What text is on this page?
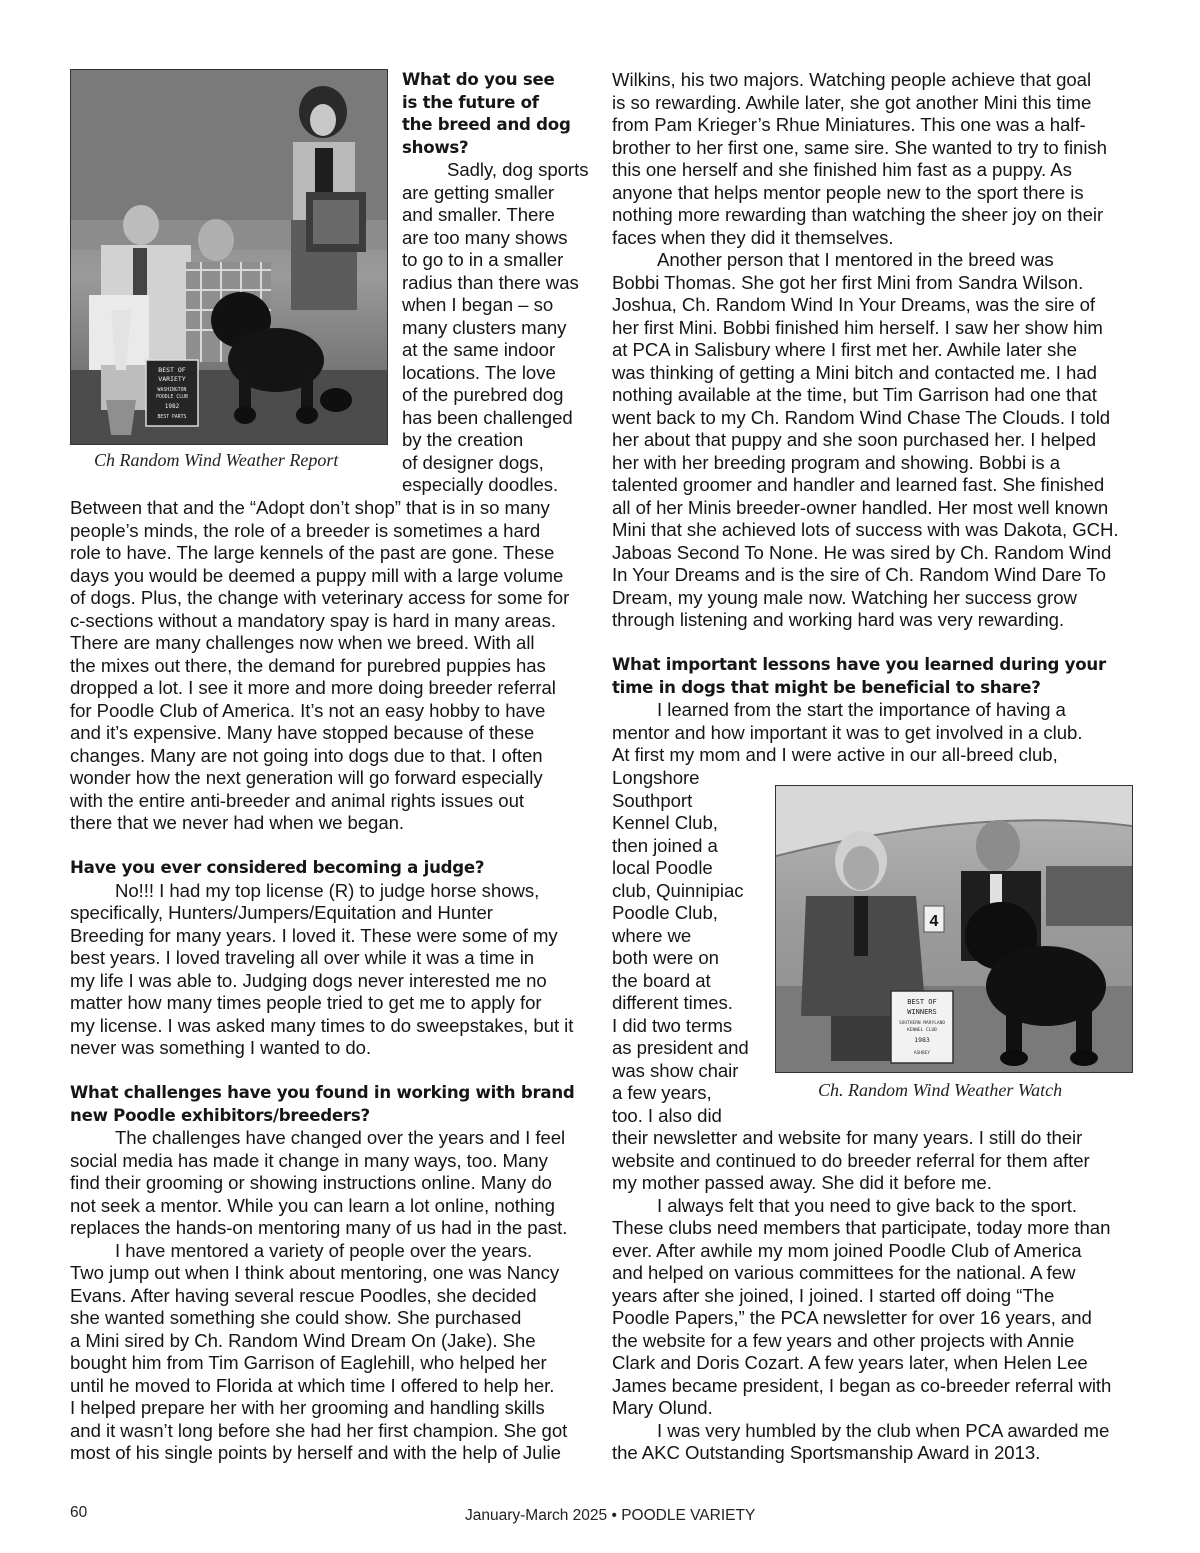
BEST OF
VARIETY
WASHINGTON
POODLE CLUB
1982
BEST PARTS
Ch Random Wind Weather Report
4
BEST OF
WINNERS
SOUTHERN MARYLAND
KENNEL CLUB
1983
ASHBEY
Ch. Random Wind Weather Watch
What do you see
is the future of
the breed and dog
shows?
Sadly, dog sports
are getting smaller
and smaller. There
are too many shows
to go to in a smaller
radius than there was
when I began – so
many clusters many
at the same indoor
locations. The love
of the purebred dog
has been challenged
by the creation
of designer dogs,
especially doodles.
Between that and the “Adopt don’t shop” that is in so many
people’s minds, the role of a breeder is sometimes a hard
role to have. The large kennels of the past are gone. These
days you would be deemed a puppy mill with a large volume
of dogs. Plus, the change with veterinary access for some for
c-sections without a mandatory spay is hard in many areas.
There are many challenges now when we breed. With all
the mixes out there, the demand for purebred puppies has
dropped a lot. I see it more and more doing breeder referral
for Poodle Club of America. It’s not an easy hobby to have
and it’s expensive. Many have stopped because of these
changes. Many are not going into dogs due to that. I often
wonder how the next generation will go forward especially
with the entire anti-breeder and animal rights issues out
there that we never had when we began.
Have you ever considered becoming a judge?
No!!! I had my top license (R) to judge horse shows,
specifically, Hunters/Jumpers/Equitation and Hunter
Breeding for many years. I loved it. These were some of my
best years. I loved traveling all over while it was a time in
my life I was able to. Judging dogs never interested me no
matter how many times people tried to get me to apply for
my license. I was asked many times to do sweepstakes, but it
never was something I wanted to do.
What challenges have you found in working with brand
new Poodle exhibitors/breeders?
The challenges have changed over the years and I feel
social media has made it change in many ways, too. Many
find their grooming or showing instructions online. Many do
not seek a mentor. While you can learn a lot online, nothing
replaces the hands-on mentoring many of us had in the past.
I have mentored a variety of people over the years.
Two jump out when I think about mentoring, one was Nancy
Evans. After having several rescue Poodles, she decided
she wanted something she could show. She purchased
a Mini sired by Ch. Random Wind Dream On (Jake). She
bought him from Tim Garrison of Eaglehill, who helped her
until he moved to Florida at which time I offered to help her.
I helped prepare her with her grooming and handling skills
and it wasn’t long before she had her first champion. She got
most of his single points by herself and with the help of Julie
Wilkins, his two majors. Watching people achieve that goal
is so rewarding. Awhile later, she got another Mini this time
from Pam Krieger’s Rhue Miniatures. This one was a half-
brother to her first one, same sire. She wanted to try to finish
this one herself and she finished him fast as a puppy. As
anyone that helps mentor people new to the sport there is
nothing more rewarding than watching the sheer joy on their
faces when they did it themselves.
Another person that I mentored in the breed was
Bobbi Thomas. She got her first Mini from Sandra Wilson.
Joshua, Ch. Random Wind In Your Dreams, was the sire of
her first Mini. Bobbi finished him herself. I saw her show him
at PCA in Salisbury where I first met her. Awhile later she
was thinking of getting a Mini bitch and contacted me. I had
nothing available at the time, but Tim Garrison had one that
went back to my Ch. Random Wind Chase The Clouds. I told
her about that puppy and she soon purchased her. I helped
her with her breeding program and showing. Bobbi is a
talented groomer and handler and learned fast. She finished
all of her Minis breeder-owner handled. Her most well known
Mini that she achieved lots of success with was Dakota, GCH.
Jaboas Second To None. He was sired by Ch. Random Wind
In Your Dreams and is the sire of Ch. Random Wind Dare To
Dream, my young male now. Watching her success grow
through listening and working hard was very rewarding.
What important lessons have you learned during your
time in dogs that might be beneficial to share?
I learned from the start the importance of having a
mentor and how important it was to get involved in a club.
At first my mom and I were active in our all-breed club,
Longshore
Southport
Kennel Club,
then joined a
local Poodle
club, Quinnipiac
Poodle Club,
where we
both were on
the board at
different times.
I did two terms
as president and
was show chair
a few years,
too. I also did
their newsletter and website for many years. I still do their
website and continued to do breeder referral for them after
my mother passed away. She did it before me.
I always felt that you need to give back to the sport.
These clubs need members that participate, today more than
ever. After awhile my mom joined Poodle Club of America
and helped on various committees for the national. A few
years after she joined, I joined. I started off doing “The
Poodle Papers,” the PCA newsletter for over 16 years, and
the website for a few years and other projects with Annie
Clark and Doris Cozart. A few years later, when Helen Lee
James became president, I began as co-breeder referral with
Mary Olund.
I was very humbled by the club when PCA awarded me
the AKC Outstanding Sportsmanship Award in 2013.
60	January-March 2025 • POODLE VARIETY
